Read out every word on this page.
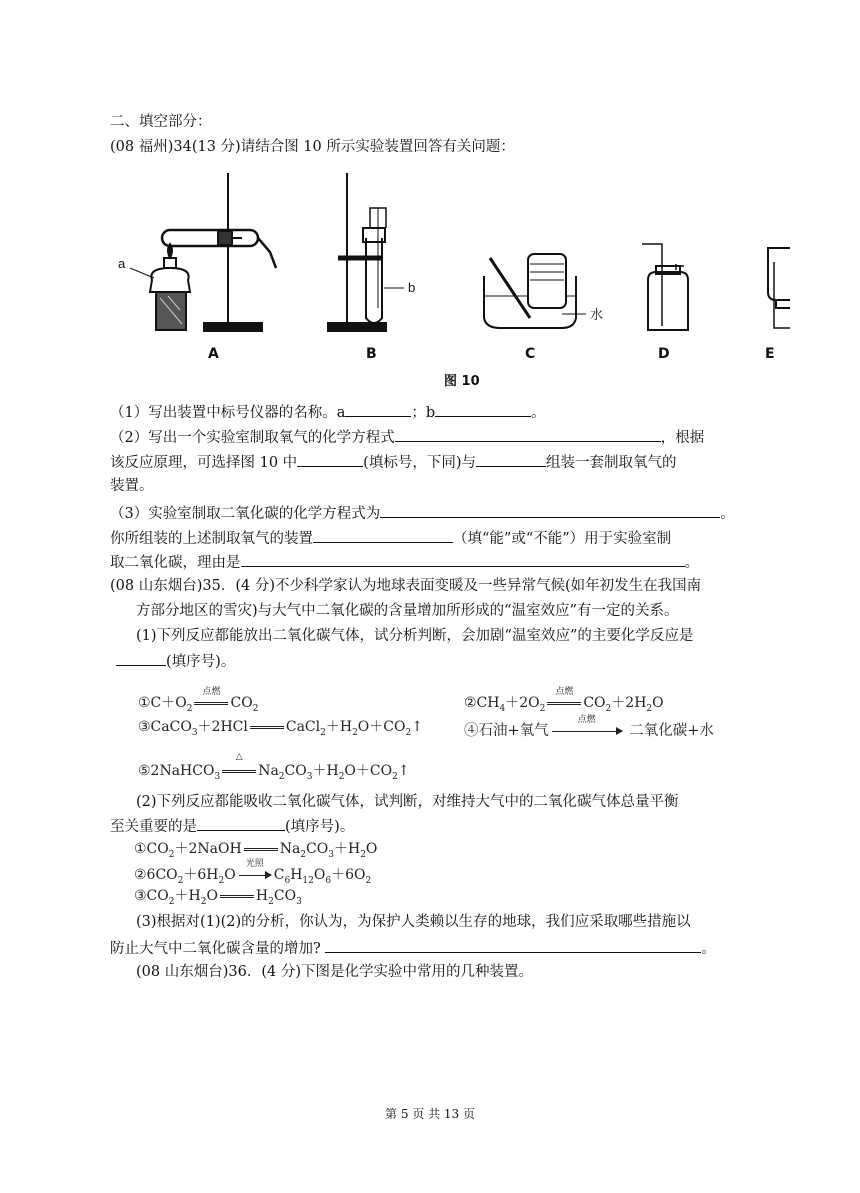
二、填空部分：
(08 福州)34(13 分)请结合图 10 所示实验装置回答有关问题：
a
b
水
A	B	C	D	E
图 10
（1）写出装置中标号仪器的名称。a	；b	。
（2）写出一个实验室制取氧气的化学方程式	，根据
该反应原理，可选择图 10 中	(填标号，下同)与	组装一套制取氧气的
装置。
（3）实验室制取二氧化碳的化学方程式为	。
你所组装的上述制取氧气的装置	（填“能”或“不能”）用于实验室制
取二氧化碳，理由是	。
(08 山东烟台)35．(4 分)不少科学家认为地球表面变暖及一些异常气候(如年初发生在我国南
方部分地区的雪灾)与大气中二氧化碳的含量增加所形成的“温室效应”有一定的关系。
(1)下列反应都能放出二氧化碳气体，试分析判断，会加剧“温室效应”的主要化学反应是
(填序号)。
$①C+O_2$
点燃
$CO_2$	$②CH_4+2O_2$
点燃
$CO_2+2H_2O$
③CaCO$_3$＋2HCl	$CaCl_2+H_2O+CO_2↑$	④石油+氧气
点燃
二氧化碳+水
⑤2NaHCO$_3$
△
$Na_2CO_3+H_2O+CO_2↑$
(2)下列反应都能吸收二氧化碳气体，试判断，对维持大气中的二氧化碳气体总量平衡
至关重要的是	(填序号)。
$①CO_2+2NaOH$	$Na_2CO_3+H_2O$
$②6CO_2+6H_2O$
光照
$C_6H_{12}O_6+6O_2$
$③CO_2+H_2O$	$H_2CO_3$
(3)根据对(1)(2)的分析，你认为，为保护人类赖以生存的地球，我们应采取哪些措施以
防止大气中二氧化碳含量的增加?	。
(08 山东烟台)36．(4 分)下图是化学实验中常用的几种装置。
第 5 页 共 13 页
